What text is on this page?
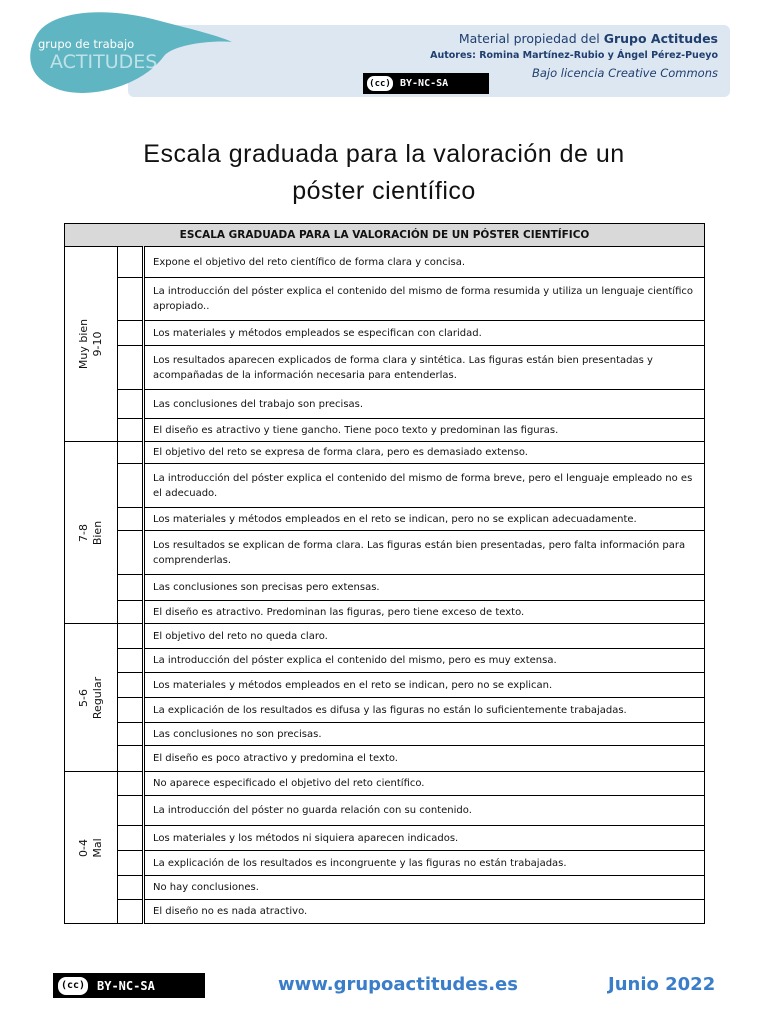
grupo de trabajo
ACTITUDES
Material propiedad del Grupo Actitudes
Autores: Romina Martínez-Rubio y Ángel Pérez-Pueyo
Bajo licencia Creative Commons
(cc) BY-NC-SA
Escala graduada para la valoración de un
póster científico
ESCALA GRADUADA PARA LA VALORACIÓN DE UN PÓSTER CIENTÍFICO		

Muy bien 9-10		Expone el objetivo del reto científico de forma clara y concisa.
		La introducción del póster explica el contenido del mismo de forma resumida y utiliza un lenguaje científico apropiado..
		Los materiales y métodos empleados se especifican con claridad.
		Los resultados aparecen explicados de forma clara y sintética. Las figuras están bien presentadas y acompañadas de la información necesaria para entenderlas.
		Las conclusiones del trabajo son precisas.
		El diseño es atractivo y tiene gancho. Tiene poco texto y predominan las figuras.

7-8 Bien		El objetivo del reto se expresa de forma clara, pero es demasiado extenso.
		La introducción del póster explica el contenido del mismo de forma breve, pero el lenguaje empleado no es el adecuado.
		Los materiales y métodos empleados en el reto se indican, pero no se explican adecuadamente.
		Los resultados se explican de forma clara. Las figuras están bien presentadas, pero falta información para comprenderlas.
		Las conclusiones son precisas pero extensas.
		El diseño es atractivo. Predominan las figuras, pero tiene exceso de texto.

5-6 Regular		El objetivo del reto no queda claro.
		La introducción del póster explica el contenido del mismo, pero es muy extensa.
		Los materiales y métodos empleados en el reto se indican, pero no se explican.
		La explicación de los resultados es difusa y las figuras no están lo suficientemente trabajadas.
		Las conclusiones no son precisas.
		El diseño es poco atractivo y predomina el texto.

0-4 Mal		No aparece especificado el objetivo del reto científico.
		La introducción del póster no guarda relación con su contenido.
		Los materiales y los métodos ni siquiera aparecen indicados.
		La explicación de los resultados es incongruente y las figuras no están trabajadas.
		No hay conclusiones.
		El diseño no es nada atractivo.
(cc) BY-NC-SA	www.grupoactitudes.es	Junio 2022
